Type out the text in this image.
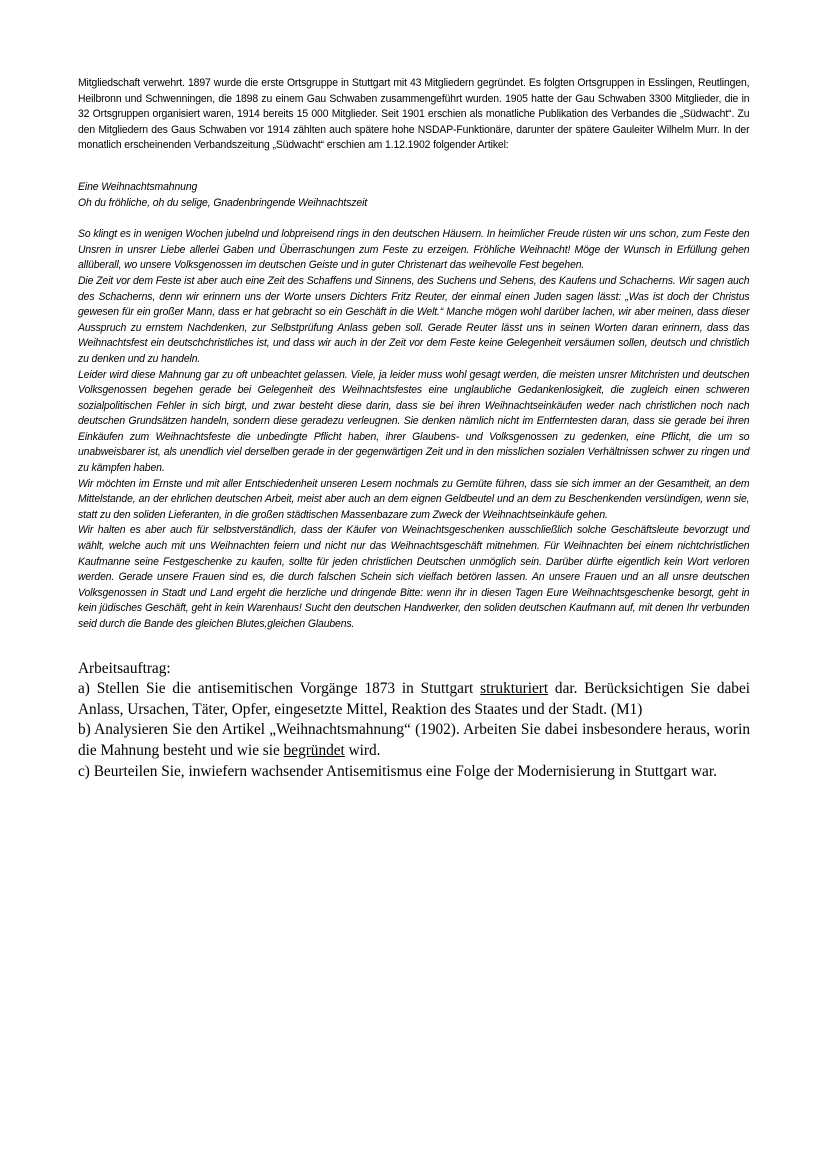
Mitgliedschaft verwehrt. 1897 wurde die erste Ortsgruppe in Stuttgart mit 43 Mitgliedern gegründet. Es folgten Ortsgruppen in Esslingen, Reutlingen, Heilbronn und Schwenningen, die 1898 zu einem Gau Schwaben zusammengeführt wurden. 1905 hatte der Gau Schwaben 3300 Mitglieder, die in 32 Ortsgruppen organisiert waren, 1914 bereits 15 000 Mitglieder. Seit 1901 erschien als monatliche Publikation des Verbandes die „Südwacht“. Zu den Mitgliedern des Gaus Schwaben vor 1914 zählten auch spätere hohe NSDAP-Funktionäre, darunter der spätere Gauleiter Wilhelm Murr. In der monatlich erscheinenden Verbandszeitung „Südwacht“ erschien am 1.12.1902 folgender Artikel:

Eine Weihnachtsmahnung

Oh du fröhliche, oh du selige, Gnadenbringende Weihnachtszeit

So klingt es in wenigen Wochen jubelnd und lobpreisend rings in den deutschen Häusern. In heimlicher Freude rüsten wir uns schon, zum Feste den Unsren in unsrer Liebe allerlei Gaben und Überraschungen zum Feste zu erzeigen. Fröhliche Weihnacht! Möge der Wunsch in Erfüllung gehen allüberall, wo unsere Volksgenossen im deutschen Geiste und in guter Christenart das weihevolle Fest begehen.

Die Zeit vor dem Feste ist aber auch eine Zeit des Schaffens und Sinnens, des Suchens und Sehens, des Kaufens und Schacherns. Wir sagen auch des Schacherns, denn wir erinnern uns der Worte unsers Dichters Fritz Reuter, der einmal einen Juden sagen lässt: „Was ist doch der Christus gewesen für ein großer Mann, dass er hat gebracht so ein Geschäft in die Welt.“ Manche mögen wohl darüber lachen, wir aber meinen, dass dieser Ausspruch zu ernstem Nachdenken, zur Selbstprüfung Anlass geben soll. Gerade Reuter lässt uns in seinen Worten daran erinnern, dass das Weihnachtsfest ein deutschchristliches ist, und dass wir auch in der Zeit vor dem Feste keine Gelegenheit versäumen sollen, deutsch und christlich zu denken und zu handeln.

Leider wird diese Mahnung gar zu oft unbeachtet gelassen. Viele, ja leider muss wohl gesagt werden, die meisten unsrer Mitchristen und deutschen Volksgenossen begehen gerade bei Gelegenheit des Weihnachtsfestes eine unglaubliche Gedankenlosigkeit, die zugleich einen schweren sozialpolitischen Fehler in sich birgt, und zwar besteht diese darin, dass sie bei ihren Weihnachtseinkäufen weder nach christlichen noch nach deutschen Grundsätzen handeln, sondern diese geradezu verleugnen. Sie denken nämlich nicht im Entferntesten daran, dass sie gerade bei ihren Einkäufen zum Weihnachtsfeste die unbedingte Pflicht haben, ihrer Glaubens- und Volksgenossen zu gedenken, eine Pflicht, die um so unabweisbarer ist, als unendlich viel derselben gerade in der gegenwärtigen Zeit und in den misslichen sozialen Verhältnissen schwer zu ringen und zu kämpfen haben.

Wir möchten im Ernste und mit aller Entschiedenheit unseren Lesern nochmals zu Gemüte führen, dass sie sich immer an der Gesamtheit, an dem Mittelstande, an der ehrlichen deutschen Arbeit, meist aber auch an dem eignen Geldbeutel und an dem zu Beschenkenden versündigen, wenn sie, statt zu den soliden Lieferanten, in die großen städtischen Massenbazare zum Zweck der Weihnachtseinkäufe gehen.

Wir halten es aber auch für selbstverständlich, dass der Käufer von Weinachtsgeschenken ausschließlich solche Geschäftsleute bevorzugt und wählt, welche auch mit uns Weihnachten feiern und nicht nur das Weihnachtsgeschäft mitnehmen. Für Weihnachten bei einem nichtchristlichen Kaufmanne seine Festgeschenke zu kaufen, sollte für jeden christlichen Deutschen unmöglich sein. Darüber dürfte eigentlich kein Wort verloren werden. Gerade unsere Frauen sind es, die durch falschen Schein sich vielfach betören lassen. An unsere Frauen und an all unsre deutschen Volksgenossen in Stadt und Land ergeht die herzliche und dringende Bitte: wenn ihr in diesen Tagen Eure Weihnachtsgeschenke besorgt, geht in kein jüdisches Geschäft, geht in kein Warenhaus! Sucht den deutschen Handwerker, den soliden deutschen Kaufmann auf, mit denen Ihr verbunden seid durch die Bande des gleichen Blutes,gleichen Glaubens.

Arbeitsauftrag:

a) Stellen Sie die antisemitischen Vorgänge 1873 in Stuttgart strukturiert dar. Berücksichtigen Sie dabei Anlass, Ursachen, Täter, Opfer, eingesetzte Mittel, Reaktion des Staates und der Stadt. (M1)

b) Analysieren Sie den Artikel „Weihnachtsmahnung“ (1902). Arbeiten Sie dabei insbesondere heraus, worin die Mahnung besteht und wie sie begründet wird.

c) Beurteilen Sie, inwiefern wachsender Antisemitismus eine Folge der Modernisierung in Stuttgart war.
